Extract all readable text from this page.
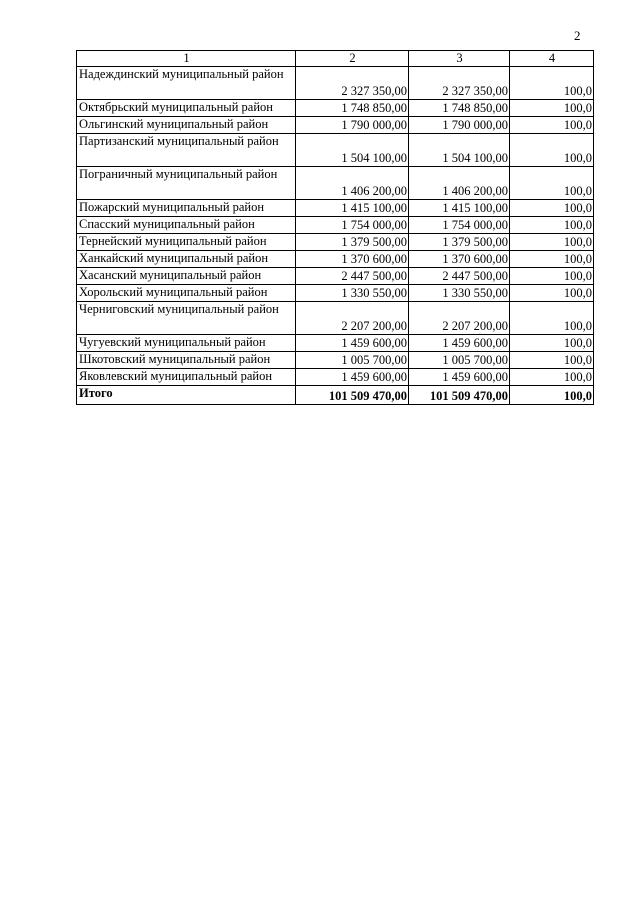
2
1	2	3	4
Надеждинский муниципальный район	2 327 350,00	2 327 350,00	100,0
Октябрьский муниципальный район	1 748 850,00	1 748 850,00	100,0
Ольгинский муниципальный район	1 790 000,00	1 790 000,00	100,0
Партизанский муниципальный район	1 504 100,00	1 504 100,00	100,0
Пограничный муниципальный район	1 406 200,00	1 406 200,00	100,0
Пожарский муниципальный район	1 415 100,00	1 415 100,00	100,0
Спасский муниципальный район	1 754 000,00	1 754 000,00	100,0
Тернейский муниципальный район	1 379 500,00	1 379 500,00	100,0
Ханкайский муниципальный район	1 370 600,00	1 370 600,00	100,0
Хасанский муниципальный район	2 447 500,00	2 447 500,00	100,0
Хорольский муниципальный район	1 330 550,00	1 330 550,00	100,0
Черниговский муниципальный район	2 207 200,00	2 207 200,00	100,0
Чугуевский муниципальный район	1 459 600,00	1 459 600,00	100,0
Шкотовский муниципальный район	1 005 700,00	1 005 700,00	100,0
Яковлевский муниципальный район	1 459 600,00	1 459 600,00	100,0
Итого	101 509 470,00	101 509 470,00	100,0
